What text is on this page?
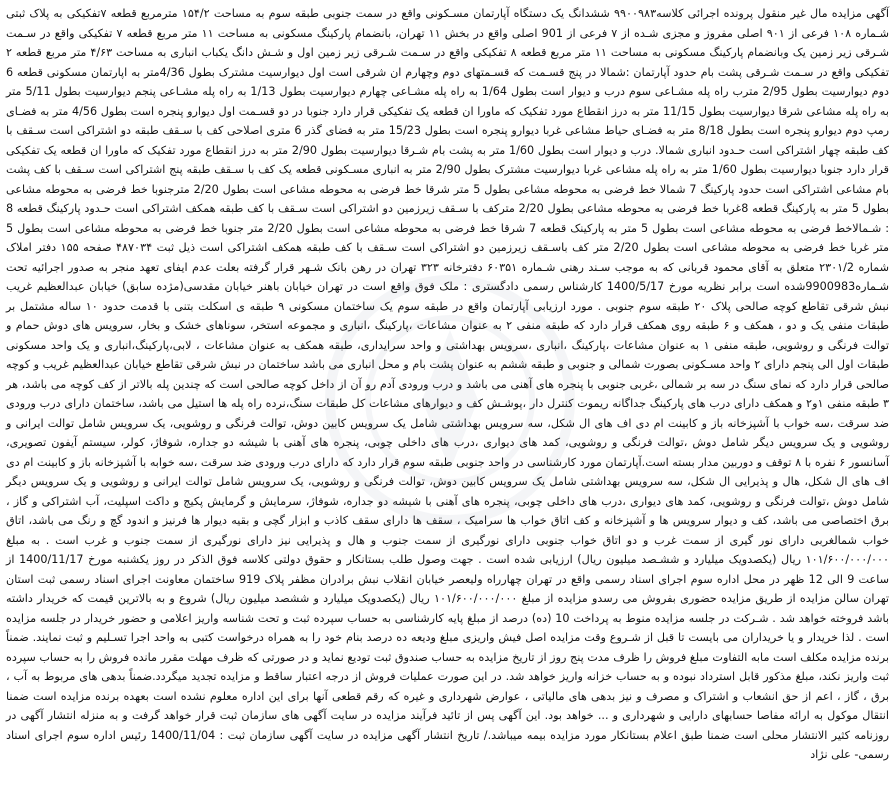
آگهی مزایده مال غیر منقول پرونده اجرائی کلاسه۹۹۰۰۹۸۳ ششدانگ یک دستگاه آپارتمان مسـکونی واقع در سمت جنوبی طبقه سوم به مساحت ۱۵۴/۲ مترمربع قطعه ۷تفکیکی به پلاک ثبتی شـماره ۱۰۸ فرعی از ۹۰۱ اصلی مفروز و مجزی شـده از ۷ فرعی از 901 اصلی واقع در بخش ۱۱ تهران، بانضمام پارکینگ مسکونی به مساحت ۱۱ متر مربع قطعه ۷ تفکیکی واقع در سـمت شـرقی زیر زمین یک وبانضمام پارکینگ مسکونی به مساحت ۱۱ متر مربع قطعه ۸ تفکیکی واقع در سـمت شـرقی زیر زمین اول و شـش دانگ یکباب انباری به مساحت ۴/۶۳ متر مربع قطعه ۲ تفکیکی واقع در سـمت شـرقی پشت بام حدود آپارتمان :شمالا در پنج قسـمت که قسـمتهای دوم وچهارم ان شرقی است اول دیوارسیت مشترک بطول 4/36متر به اپارتمان مسکونی قطعه 6 دوم دیوارسیت بطول 2/95 مترب راه پله مشـاعی سوم درب و دیوار است بطول 1/64 به راه پله مشـاعی چهارم دیوارسیت بطول 1/13 به راه پله مشـاعی پنجم دیوارسیت بطول 5/11 متر به راه پله مشاعی شرقا دیوارسیت بطول 11/15 متر به درز انقطاع مورد تفکیک که ماورا ان قطعه یک تفکیکی قرار دارد جنوبا در دو قسـمت اول دیوارو پنجره است بطول 4/56 متر به فضـای رمپ دوم دیوارو پنجره است بطول 8/18 متر به فضـای حیاط مشاعی غربا دیوارو پنجره است بطول 15/23 متر به فضای گذر 6 متری اصلاحی کف با سـقف طبقه دو اشتراکی است سـقف با کف طبقه چهار اشتراکی است حـدود انباری شمالا. درب و دیوار است بطول 1/60 متر به پشت بام شـرقا دیوارسیت بطول 2/90 متر به درز انقطاع مورد تفکیک که ماورا ان قطعه یک تفکیکی قرار دارد جنوبا دیوارسیت بطول 1/60 متر به راه پله مشاعی غربا دیوارسیت مشترک بطول 2/90 متر به انباری مسـکونی قطعه یک کف با سـقف طبقه پنج اشتراکی است سـقف با کف پشت بام مشاعی اشتراکی است حدود پارکینگ 7 شمالا خط فرضی به محوطه مشاعی بطول 5 متر شرقا خط فرضی به محوطه مشاعی است بطول 2/20 مترجنوبا خط فرضی به محوطه مشاعی بطول 5 متر به پارکینگ قطعه 8غربا خط فرضی به محوطه مشاعی بطول 2/20 مترکف با سـقف زیرزمین دو اشتراکی است سـقف با کف طبقه همکف اشتراکی است حـدود پارکینگ قطعه 8 : شـمالاخط فرضی به محوطه مشاعی است بطول 5 متر به پارکینک قطعه 7 شرقا خط فرضی به محوطه مشاعی است بطول 2/20 متر جنوبا خط فرضی به محوطه مشاعی است بطول 5 متر غربا خط فرضی به محوطه مشاعی است بطول 2/20 متر کف باسـقف زیرزمین دو اشتراکی است سـقف با کف طبقه همکف اشتراکی است ذیل ثبت ۴۸۷۰۳۴ صفحه ۱۵۵ دفتر املاک شماره ۲۳۰۱/2 متعلق به آقای محمود قربانی که به موجب سـند رهنی شـماره ۶۰۳۵۱ دفترخانه ۳۲۳ تهران در رهن بانک شـهر قرار گرفته بعلت عدم ایفای تعهد منجر به صدور اجرائیه تحت شـماره9900983شده است برابر نظریه مورخ 1400/5/17 کارشناس رسمی دادگستری : ملک فوق واقع است در تهران خیابان باهنر خیابان مقدسی(مژده سابق) خیابان عبدالعظیم غریب نبش شرقی تقاطع کوچه صالحی پلاک ۲۰ طبقه سوم جنوبی . مورد ارزیابی آپارتمان واقع در طبقه سوم یک ساختمان مسکونی ۹ طبقه ی اسکلت بتنی با قدمت حدود ۱۰ ساله مشتمل بر طبقات منفی یک و دو ، همکف و ۶ طبقه روی همکف قرار دارد که طبقه منفی ۲ به عنوان مشاعات ،پارکینگ ،انباری و مجموعه استخر، سوناهای خشک و بخار، سرویس های دوش حمام و توالت فرنگی و روشویی، طبقه منفی ۱ به عنوان مشاعات ،پارکینگ ،انباری ،سرویس بهداشتی و واحد سرایداری، طبقه همکف به عنوان مشاعات ، لابی،پارکینگ،انباری و یک واحد مسکونی طبقات اول الی پنجم دارای ۲ واحد مسـکونی بصورت شمالی و جنوبی و طبقه ششم به عنوان پشت بام و محل انباری می باشد ساختمان در نبش شرقی تقاطع خیابان عبدالعظیم غریب و کوچه صالحی قرار دارد که نمای سنگ در سه بر شمالی ،غربی جنوبی با پنجره های آهنی می باشد و درب ورودی آدم رو آن از داخل کوچه صالحی است که چندین پله بالاتر از کف کوچه می باشد، هر ۳ طبقه منفی ۱و۲ و همکف دارای درب های پارکینگ جداگانه ریموت کنترل دار ،پوشـش کف و دیوارهای مشاعات کل طبقات سنگ،نرده راه پله ها استیل می باشد، ساختمان دارای درب ورودی ضد سرقت ،سه خواب با آشپزخانه باز و کابینت ام دی اف های ال شکل، سه سرویس بهداشتی شامل یک سرویس کابین دوش، توالت فرنگی و روشویی، یک سرویس شامل توالت ایرانی و روشویی و یک سرویس دیگر شامل دوش ،توالت فرنگی و روشویی، کمد های دیواری ،درب های داخلی چوبی، پنجره های آهنی با شیشه دو جداره، شوفاژ، کولر، سیستم آیفون تصویری، آسانسور ۶ نفره با ۸ توقف و دوربین مدار بسته است.آپارتمان مورد کارشناسی در واحد جنوبی طبقه سوم قرار دارد که دارای درب ورودی ضد سرقت ،سه خوابه با آشپزخانه باز و کابینت ام دی اف های ال شکل، هال و پذیرایی ال شکل، سه سرویس بهداشتی شامل یک سرویس کابین دوش، توالت فرنگی و روشویی، یک سرویس شامل توالت ایرانی و روشویی و یک سرویس دیگر شامل دوش ،توالت فرنگی و روشویی، کمد های دیواری ،درب های داخلی چوبی، پنجره های آهنی با شیشه دو جداره، شوفاژ، سرمایش و گرمایش پکیج و داکت اسپلیت، آب اشتراکی و گاز ، برق اختصاصی می باشد، کف و دیوار سرویس ها و آشپزخانه و کف اتاق خواب ها سرامیک ، سقف ها دارای سقف کاذب و ابزار گچی و بقیه دیوار ها فرنیز و اندود گچ و رنگ می باشد، اتاق خواب شمالغربی دارای نور گیری از سمت غرب و دو اتاق خواب جنوبی دارای نورگیری از سمت جنوب و هال و پذیرایی نیز دارای نورگیری از سمت جنوب و غرب است . به مبلغ ۱۰۱/۶۰۰/۰۰۰/۰۰۰ ریال (یکصدویک میلیارد و ششـصد میلیون ریال) ارزیابی شده است . جهت وصول طلب بستانکار و حقوق دولتی کلاسه فوق الذکر در روز یکشنبه مورخ 1400/11/17 از ساعت 9 الی 12 ظهر در محل اداره سوم اجرای اسناد رسمی واقع در تهران چهارراه ولیعصر خیابان انقلاب نبش برادران مظفر پلاک 919 ساختمان معاونت اجرای اسناد رسمی ثبت استان تهران سالن مزایده از طریق مزایده حضوری بفروش می رسدو مزایده از مبلغ ۱۰۱/۶۰۰/۰۰۰/۰۰۰ ریال (یکصدویک میلیارد و ششصد میلیون ریال) شروع و به بالاترین قیمت که خریدار داشته باشد فروخته خواهد شد . شـرکت در جلسه مزایده منوط به پرداخت 10 (ده) درصد از مبلغ پایه کارشناسی به حساب سپرده ثبت و تحت شناسه واریز اعلامی و حضور خریدار در جلسه مزایده است . لذا خریدار و یا خریداران می بایست تا قبل از شـروع وقت مزایده اصل فیش واریزی مبلغ ودیعه ده درصد بنام خود را به همراه درخواست کتبی به واحد اجرا تسـلیم و ثبت نمایند. ضمناً برنده مزایده مکلف است مابه التفاوت مبلغ فروش را ظرف مدت پنج روز از تاریخ مزایده به حساب صندوق ثبت تودیع نماید و در صورتی که ظرف مهلت مقرر مانده فروش را به حساب سپرده ثبت واریز نکند، مبلغ مذکور قابل استرداد نبوده و به حساب خزانه واریز خواهد شد. در این صورت عملیات فروش از درجه اعتبار ساقط و مزایده تجدید میگردد.ضمناً بدهی های مربوط به آب ، برق ، گاز ، اعم از حق انشعاب و اشتراک و مصرف و نیز بدهی های مالیاتی ، عوارض شهرداری و غیره که رقم قطعی آنها برای این اداره معلوم نشده است بعهده برنده مزایده است ضمنا انتقال موکول به ارائه مفاصا حسابهای دارایی و شهرداری و ... خواهد بود. این آگهی پس از تائید فرآیند مزایده در سایت آگهی های سازمان ثبت قرار خواهد گرفت و به منزله انتشار آگهی در روزنامه کثیر الانتشار محلی است ضمنا طبق اعلام بستانکار مورد مزایده بیمه میباشد./ تاریخ انتشار آگهی مزایده در سایت آگهی سازمان ثبت : 1400/11/04 رئیس اداره سوم اجرای اسناد رسمی- علی نژاد
